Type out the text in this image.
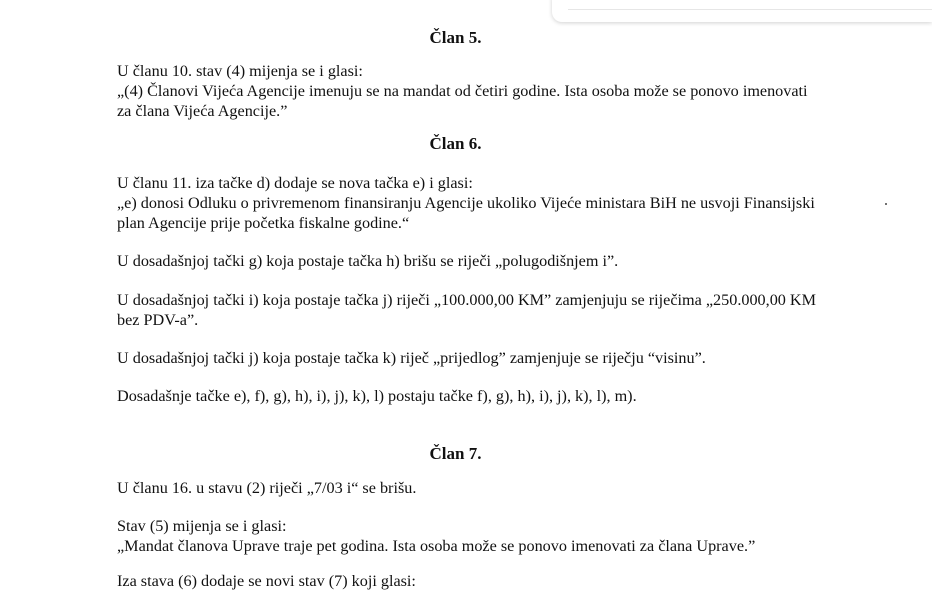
Član 5.

U članu 10. stav (4) mijenja se i glasi:
„(4) Članovi Vijeća Agencije imenuju se na mandat od četiri godine. Ista osoba može se ponovo imenovati
za člana Vijeća Agencije.”

Član 6.

U članu 11. iza tačke d) dodaje se nova tačka e) i glasi:
„e) donosi Odluku o privremenom finansiranju Agencije ukoliko Vijeće ministara BiH ne usvoji Finansijski
plan Agencije prije početka fiskalne godine.“
U dosadašnjoj tački g) koja postaje tačka h) brišu se riječi „polugodišnjem i”.
U dosadašnjoj tački i) koja postaje tačka j) riječi „100.000,00 KM” zamjenjuju se riječima „250.000,00 KM
bez PDV-a”.
U dosadašnjoj tački j) koja postaje tačka k) riječ „prijedlog” zamjenjuje se riječju “visinu”.
Dosadašnje tačke e), f), g), h), i), j), k), l) postaju tačke f), g), h), i), j), k), l), m).

Član 7.

U članu 16. u stavu (2) riječi „7/03 i“ se brišu.
Stav (5) mijenja se i glasi:
„Mandat članova Uprave traje pet godina. Ista osoba može se ponovo imenovati za člana Uprave.”
Iza stava (6) dodaje se novi stav (7) koji glasi:
